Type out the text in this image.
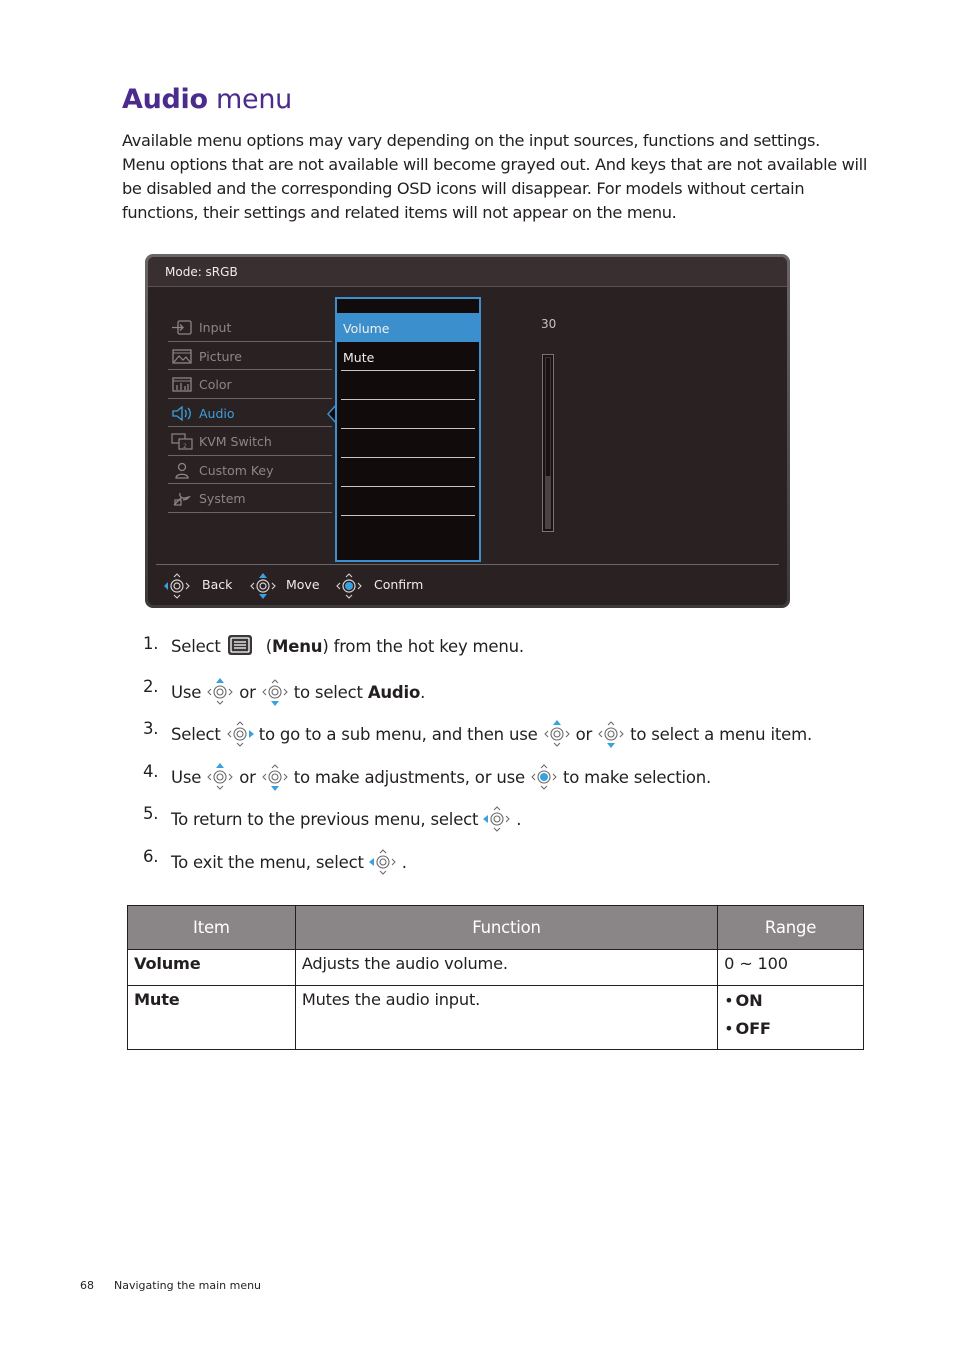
Audio menu

Available menu options may vary depending on the input sources, functions and settings. Menu options that are not available will become grayed out. And keys that are not available will be disabled and the corresponding OSD icons will disappear. For models without certain functions, their settings and related items will not appear on the menu.

Mode: sRGB
Input
Picture
Color
Audio
2 KVM Switch
Custom Key
System
Volume
Mute
30
Back	Move	Confirm
1. Select (Menu) from the hot key menu.
2. Use or to select Audio.
3. Select to go to a sub menu, and then use or to select a menu item.
4. Use or to make adjustments, or use to make selection.
5. To return to the previous menu, select .
6. To exit the menu, select .
Item	Function	Range
Volume	Adjusts the audio volume.	0 ~ 100
Mute	Mutes the audio input.	• ON
• OFF
68 Navigating the main menu
